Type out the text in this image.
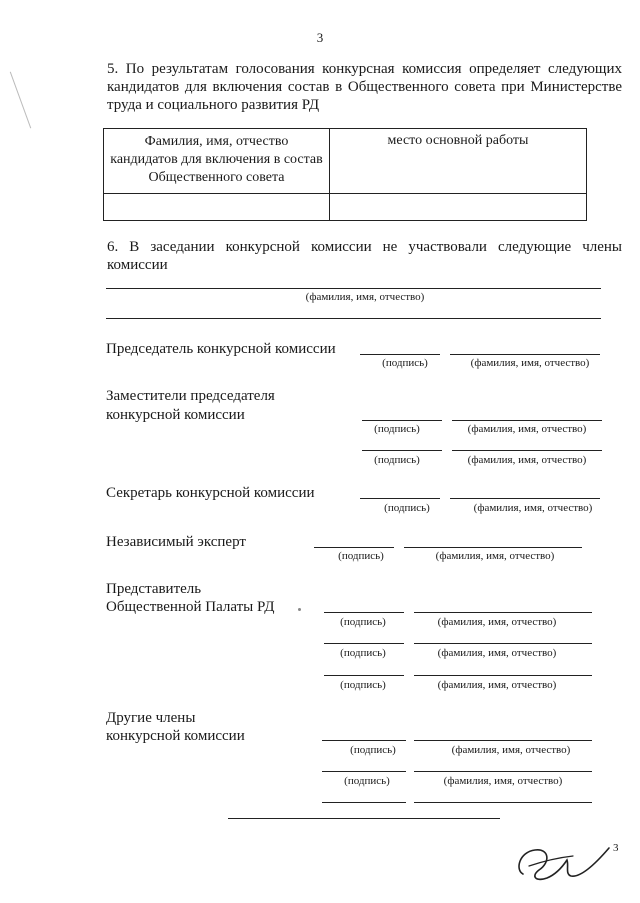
3
5. По результатам голосования конкурсная комиссия определяет следующих кандидатов для включения состав в Общественного совета при Министерстве труда и социального развития РД
Фамилия, имя, отчество кандидатов для включения в состав Общественного совета	место основной работы

6. В заседании конкурсной комиссии не участвовали следующие члены комиссии
(фамилия, имя, отчество)
Председатель конкурсной комиссии
(подпись)	(фамилия, имя, отчество)
Заместители председателя
конкурсной комиссии
(подпись)	(фамилия, имя, отчество)
(подпись)	(фамилия, имя, отчество)
Секретарь конкурсной комиссии
(подпись)	(фамилия, имя, отчество)
Независимый эксперт
(подпись)	(фамилия, имя, отчество)
Представитель
Общественной Палаты РД
(подпись)	(фамилия, имя, отчество)
(подпись)	(фамилия, имя, отчество)
(подпись)	(фамилия, имя, отчество)
Другие члены
конкурсной комиссии
(подпись)	(фамилия, имя, отчество)
(подпись)	(фамилия, имя, отчество)
3
